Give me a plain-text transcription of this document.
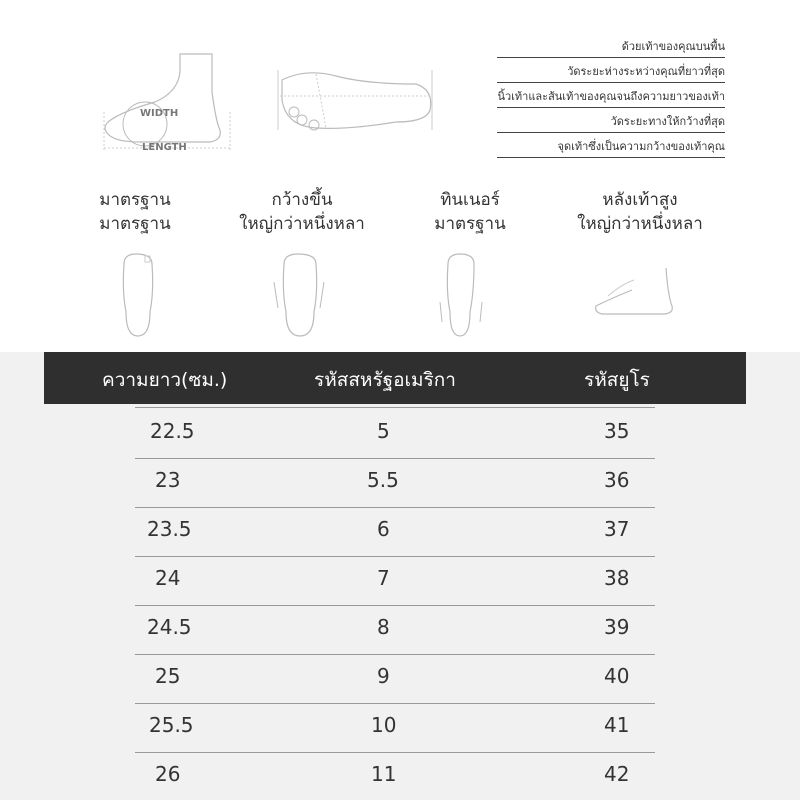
WIDTH
LENGTH
ด้วยเท้าของคุณบนพื้น
วัดระยะห่างระหว่างคุณที่ยาวที่สุด
นิ้วเท้าและส้นเท้าของคุณจนถึงความยาวของเท้า
วัดระยะทางให้กว้างที่สุด
จุดเท้าซึ่งเป็นความกว้างของเท้าคุณ
มาตรฐาน
มาตรฐาน
กว้างขึ้น
ใหญ่กว่าหนึ่งหลา
ทินเนอร์
มาตรฐาน
หลังเท้าสูง
ใหญ่กว่าหนึ่งหลา
ความยาว(ซม.)	รหัสสหรัฐอเมริกา	รหัสยูโร
22.5	5	35
23	5.5	36
23.5	6	37
24	7	38
24.5	8	39
25	9	40
25.5	10	41
26	11	42
